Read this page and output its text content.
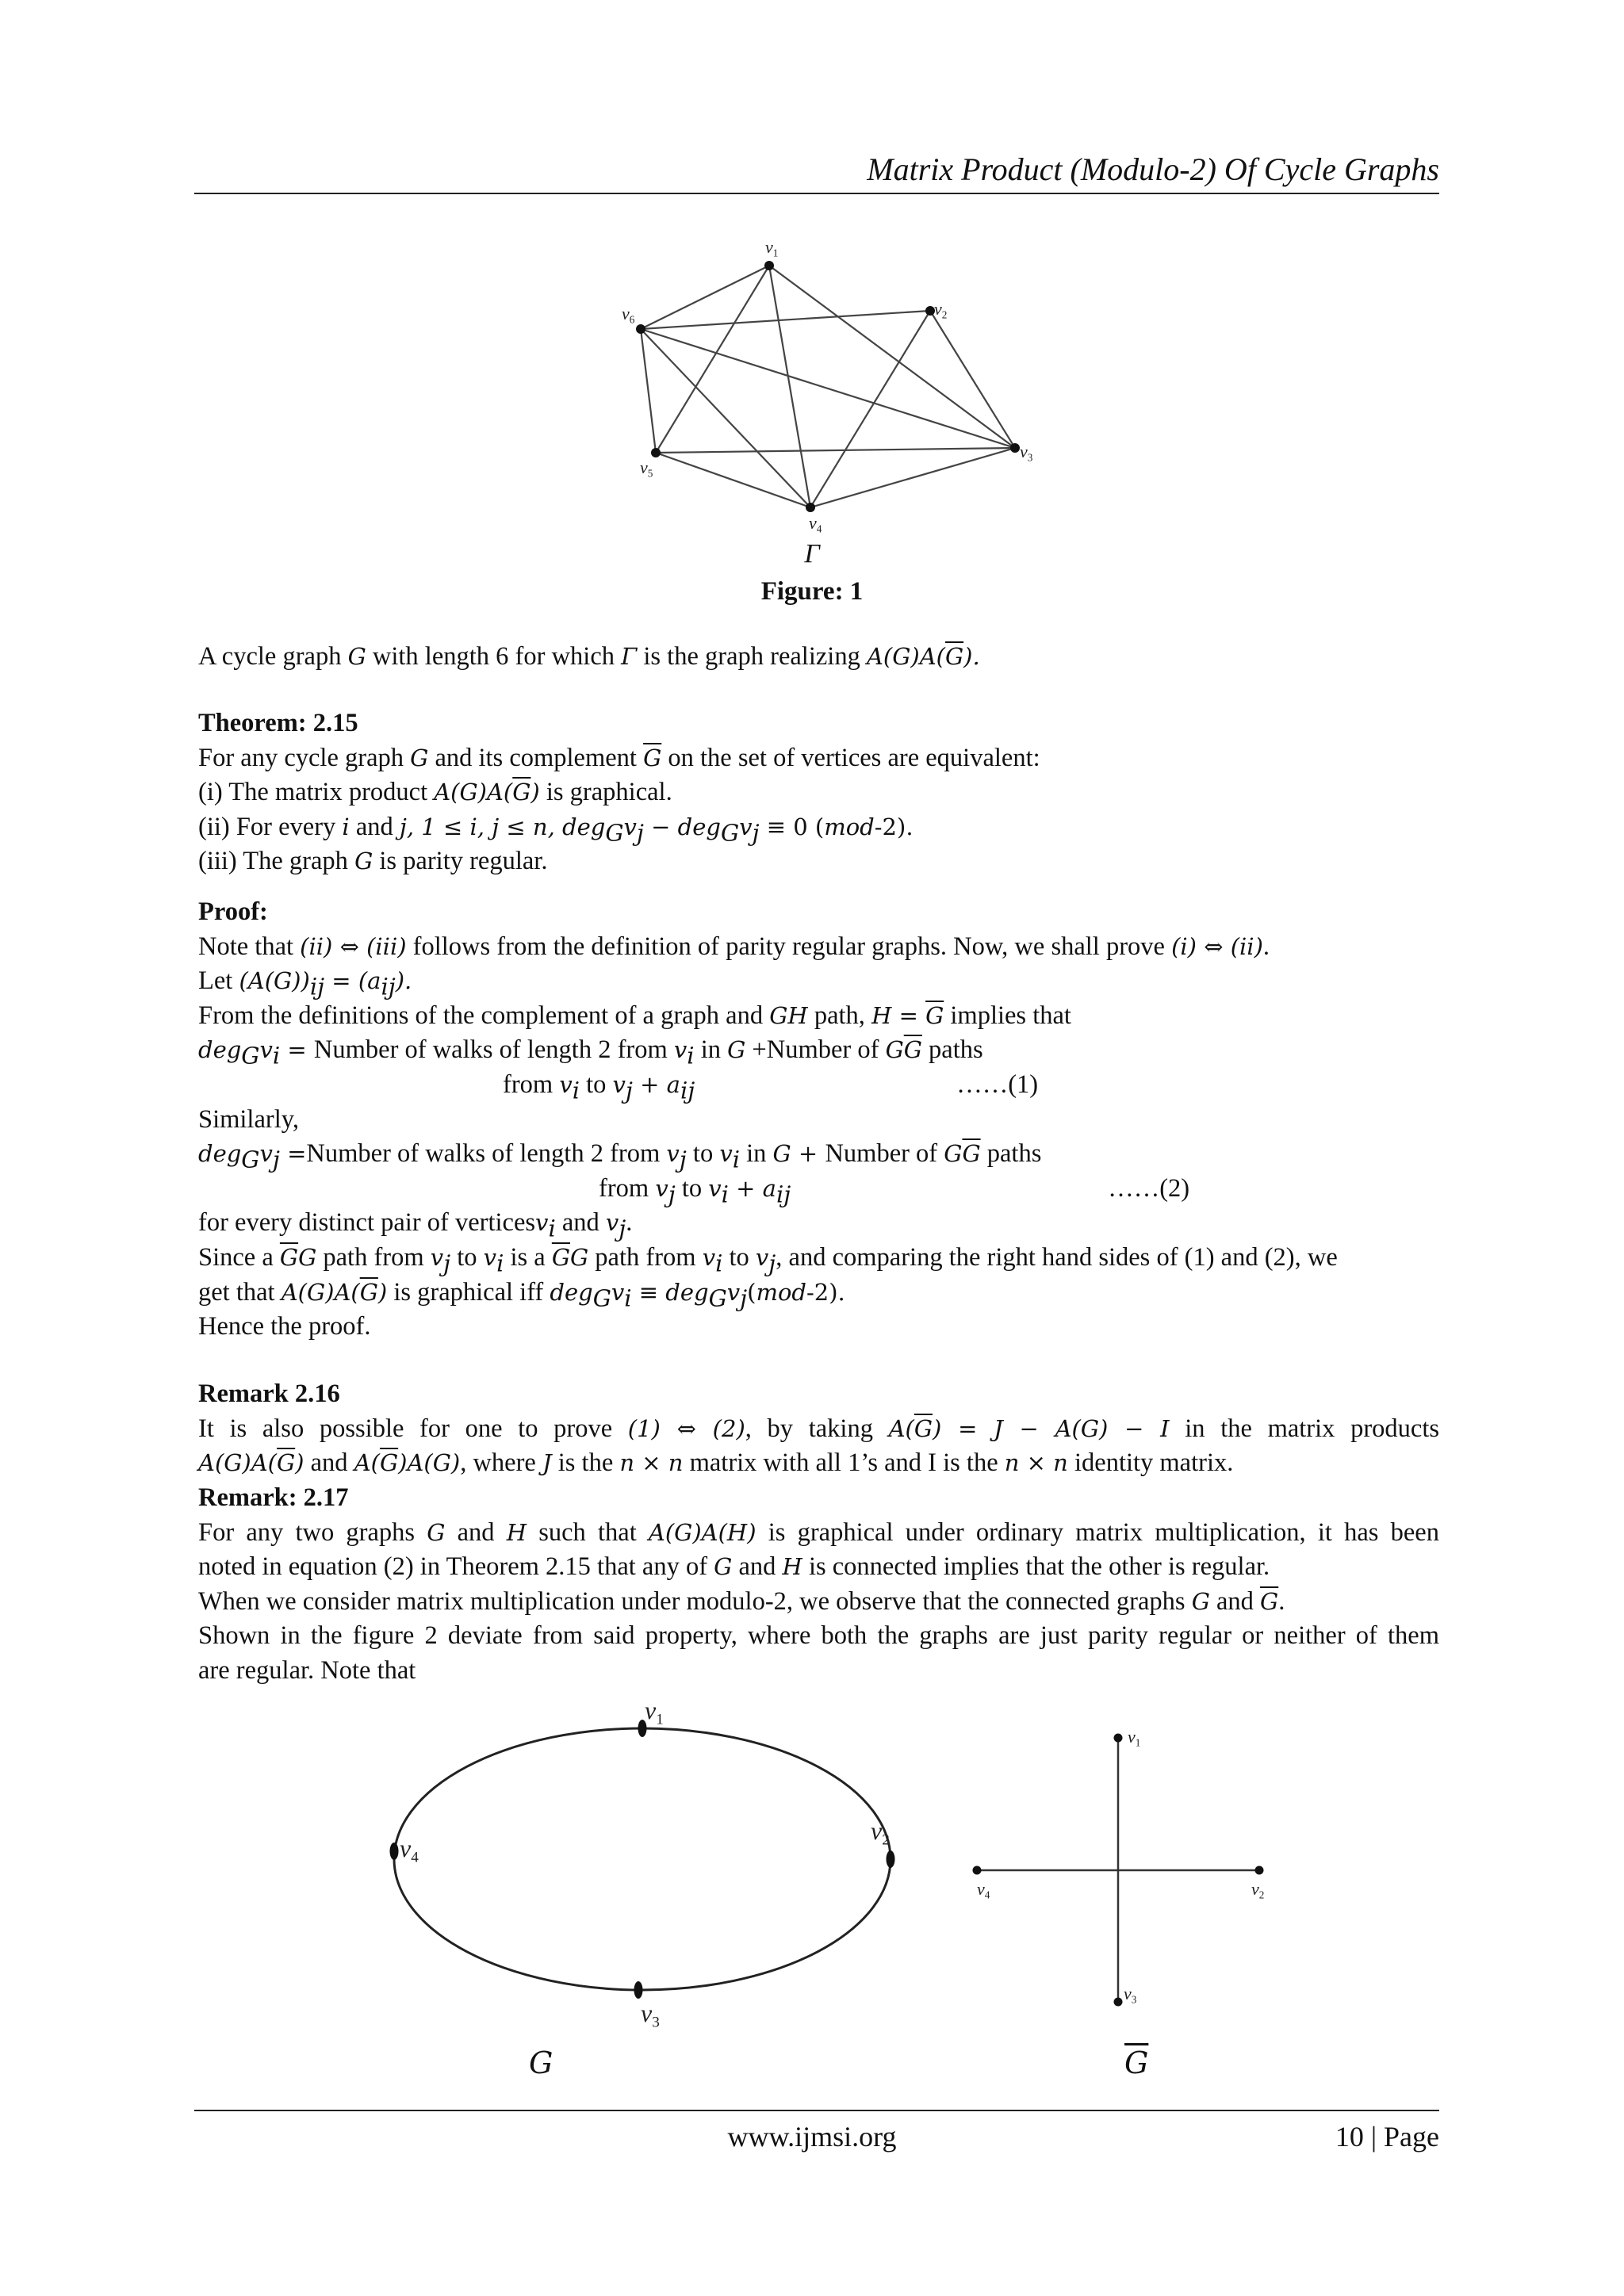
Matrix Product (Modulo-2) Of Cycle Graphs
$v_1$
$v_2$
$v_3$
$v_4$
$v_5$
$v_6$
Γ
Figure: 1
A cycle graph G with length 6 for which Γ is the graph realizing $A(G)A(\overline{G})$.
Theorem: 2.15
For any cycle graph G and its complement $\overline{G}$ on the set of vertices are equivalent:
(i) The matrix product $A(G)A(\overline{G})$ is graphical.
(ii) For every i and j, 1 ≤ i, j ≤ n, $deg_Gv_j - deg_Gv_j \equiv 0$ (mod-2).
(iii) The graph G is parity regular.
Proof:
Note that (ii) ⇔ (iii) follows from the definition of parity regular graphs. Now, we shall prove (i) ⇔ (ii).
Let $(A(G))_{ij} = (a_{ij})$.
From the definitions of the complement of a graph and GH path, $H = \overline{G}$ implies that
$deg_Gv_i$ = Number of walks of length 2 from $v_i$ in G +Number of $G\overline{G}$ paths
from $v_i$ to $v_j + a_{ij}$	……(1)
Similarly,
$deg_Gv_j$ =Number of walks of length 2 from $v_j$ to $v_i$ in G + Number of $G\overline{G}$ paths
from $v_j$ to $v_i + a_{ij}$	……(2)
for every distinct pair of verticesv$_i$ and $v_j$.
Since a $\overline{G}G$ path from $v_j$ to $v_i$ is a $\overline{G}G$ path from $v_i$ to $v_j$, and comparing the right hand sides of (1) and (2), we
get that $A(G)A(\overline{G})$ is graphical iff $deg_Gv_i \equiv deg_Gv_j(mod-2)$.
Hence the proof.
Remark 2.16
It is also possible for one to prove (1) ⇔ (2), by taking $A(\overline{G}) = J - A(G) - I$ in the matrix products
$A(G)A(\overline{G})$ and $A(\overline{G})A(G)$, where J is the n × n matrix with all 1’s and I is the n × n identity matrix.
Remark: 2.17
For any two graphs G and H such that A(G)A(H) is graphical under ordinary matrix multiplication, it has been
noted in equation (2) in Theorem 2.15 that any of G and H is connected implies that the other is regular.
When we consider matrix multiplication under modulo-2, we observe that the connected graphs G and $\overline{G}$.
Shown in the figure 2 deviate from said property, where both the graphs are just parity regular or neither of them
are regular. Note that
$v_1$
$v_2$
$v_3$
$v_4$
$v_1$
$v_2$
$v_3$
$v_4$
G	$\overline{G}$
www.ijmsi.org	10 | Page
